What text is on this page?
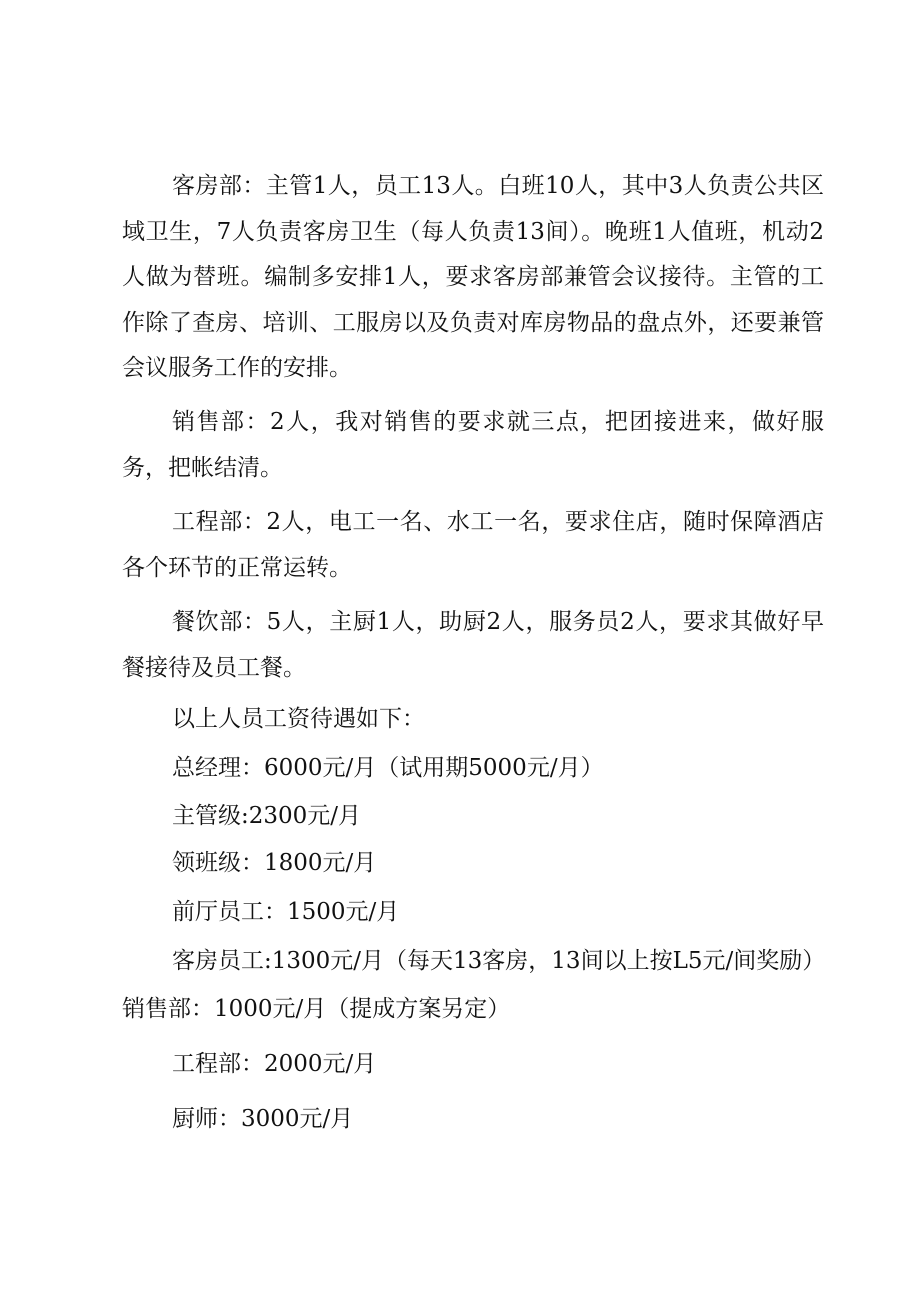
客房部：主管1人，员工13人。白班10人，其中3人负责公共区域卫生，7人负责客房卫生（每人负责13间）。晚班1人值班，机动2人做为替班。编制多安排1人，要求客房部兼管会议接待。主管的工作除了查房、培训、工服房以及负责对库房物品的盘点外，还要兼管会议服务工作的安排。

销售部：2人，我对销售的要求就三点，把团接进来，做好服务，把帐结清。

工程部：2人，电工一名、水工一名，要求住店，随时保障酒店各个环节的正常运转。

餐饮部：5人，主厨1人，助厨2人，服务员2人，要求其做好早餐接待及员工餐。

以上人员工资待遇如下：

总经理：6000元/月（试用期5000元/月）

主管级:2300元/月

领班级：1800元/月

前厅员工：1500元/月

客房员工:1300元/月（每天13客房，13间以上按L5元/间奖励）

销售部：1000元/月（提成方案另定）

工程部：2000元/月

厨师：3000元/月
